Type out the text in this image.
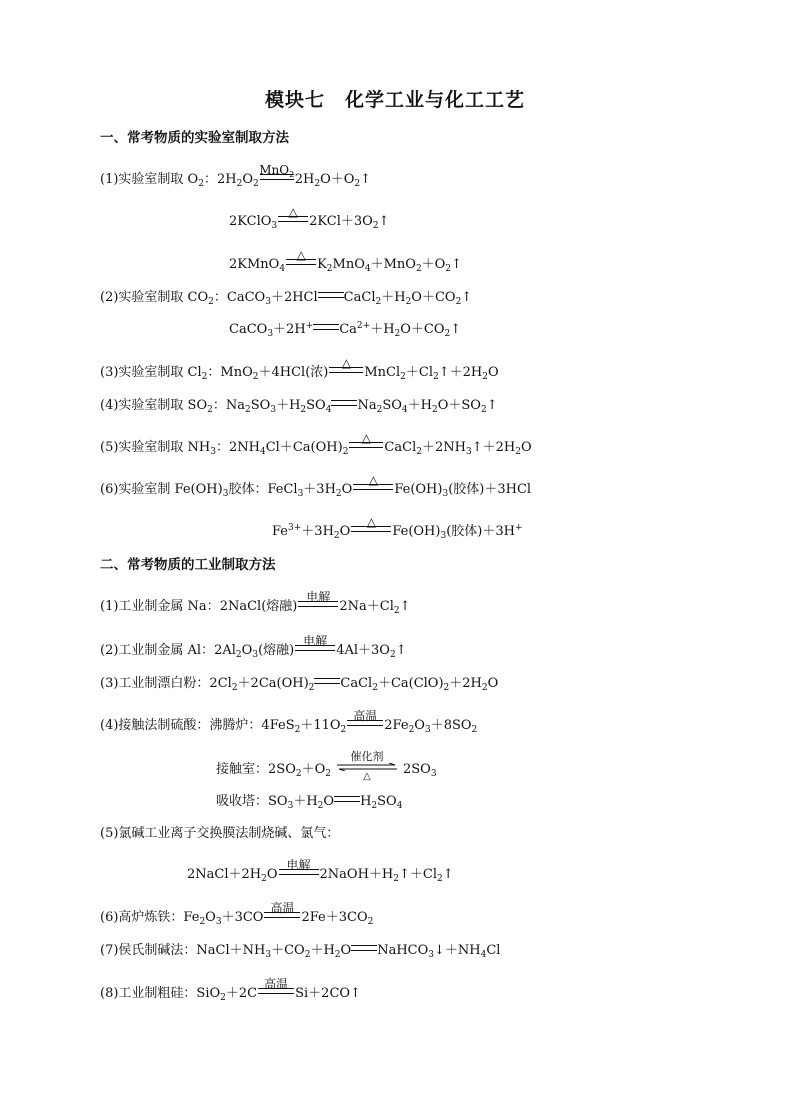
模块七　化学工业与化工工艺
一、常考物质的实验室制取方法
(1)实验室制取 $O_2$：$2H_2O_2$
MnO$_2$ $2H_2O+O_2↑$
2KClO$_3$
△
$2KCl+3O_2↑$
2KMnO$_4$
△
$K_2MnO_4+MnO_2+O_2↑$
(2)实验室制取 $CO_2$：CaCO$_3$＋2HCl $CaCl_2+H_2O+CO_2↑$
CaCO$_3$＋2H+ $Ca^{2+}+H_2O+CO_2↑$
(3)实验室制取 $Cl_2$：MnO$_2$＋4HCl(浓)
△
$MnCl_2+Cl_2↑+2H_2O$
(4)实验室制取 $SO_2$：$Na_2SO_3+H_2SO_4$ $Na_2SO_4+H_2O+SO_2↑$
(5)实验室制取 $NH_3$：$2NH_4Cl+Ca(OH)_2$
△
$CaCl_2+2NH_3↑+2H_2O$
(6)实验室制 $Fe(OH)_3$胶体：$FeCl_3+3H_2O$
△
$Fe(OH)_3$(胶体)＋3HCl
$Fe^{3+}+3H_2O$
△
$Fe(OH)_3$(胶体)＋3H+
二、常考物质的工业制取方法
(1)工业制金属 Na：2NaCl(熔融)
电解
$2Na+Cl_2↑$
(2)工业制金属 Al：$2Al_2O_3$(熔融)
电解
$4Al+3O_2↑$
(3)工业制漂白粉：$2Cl_2+2Ca(OH)_2$ $CaCl_2+Ca(ClO)_2+2H_2O$
(4)接触法制硫酸：沸腾炉：$4FeS_2+11O_2$
高温
$2Fe_2O_3+8SO_2$
接触室：$2SO_2+O_2$
催化剂
△	$2SO_3$
吸收塔：$SO_3+H_2O$ $H_2SO_4$
(5)氯碱工业离子交换膜法制烧碱、氯气：
$2NaCl+2H_2O$
电解
$2NaOH+H_2↑+Cl_2↑$
(6)高炉炼铁：$Fe_2O_3+3CO$
高温
$2Fe+3CO_2$
(7)侯氏制碱法：$NaCl+NH_3+CO_2+H_2O$ $NaHCO_3↓+NH_4Cl$
(8)工业制粗硅：SiO$_2$＋2C
高温
Si＋2CO↑
